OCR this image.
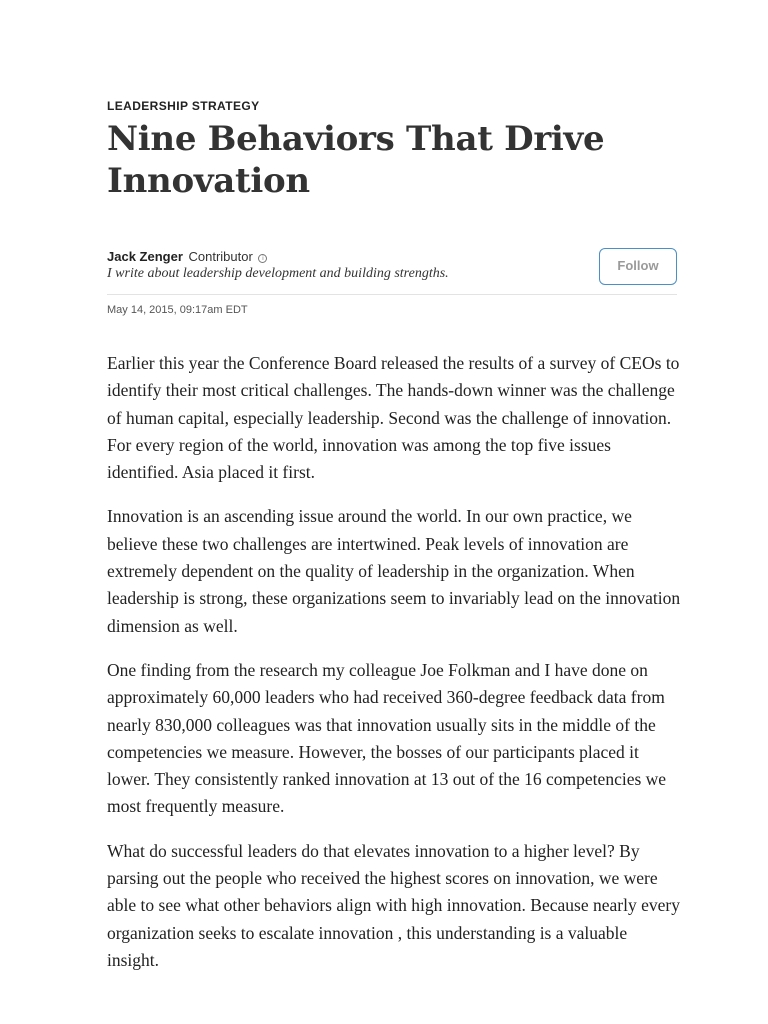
LEADERSHIP STRATEGY
Nine Behaviors That Drive Innovation
Jack Zenger Contributor i
I write about leadership development and building strengths.
Follow
May 14, 2015, 09:17am EDT

Earlier this year the Conference Board released the results of a survey of CEOs to identify their most critical challenges. The hands-down winner was the challenge of human capital, especially leadership. Second was the challenge of innovation. For every region of the world, innovation was among the top five issues identified. Asia placed it first.

Innovation is an ascending issue around the world. In our own practice, we believe these two challenges are intertwined. Peak levels of innovation are extremely dependent on the quality of leadership in the organization. When leadership is strong, these organizations seem to invariably lead on the innovation dimension as well.

One finding from the research my colleague Joe Folkman and I have done on approximately 60,000 leaders who had received 360-degree feedback data from nearly 830,000 colleagues was that innovation usually sits in the middle of the competencies we measure. However, the bosses of our participants placed it lower. They consistently ranked innovation at 13 out of the 16 competencies we most frequently measure.

What do successful leaders do that elevates innovation to a higher level? By parsing out the people who received the highest scores on innovation, we were able to see what other behaviors align with high innovation. Because nearly every organization seeks to escalate innovation , this understanding is a valuable insight.
